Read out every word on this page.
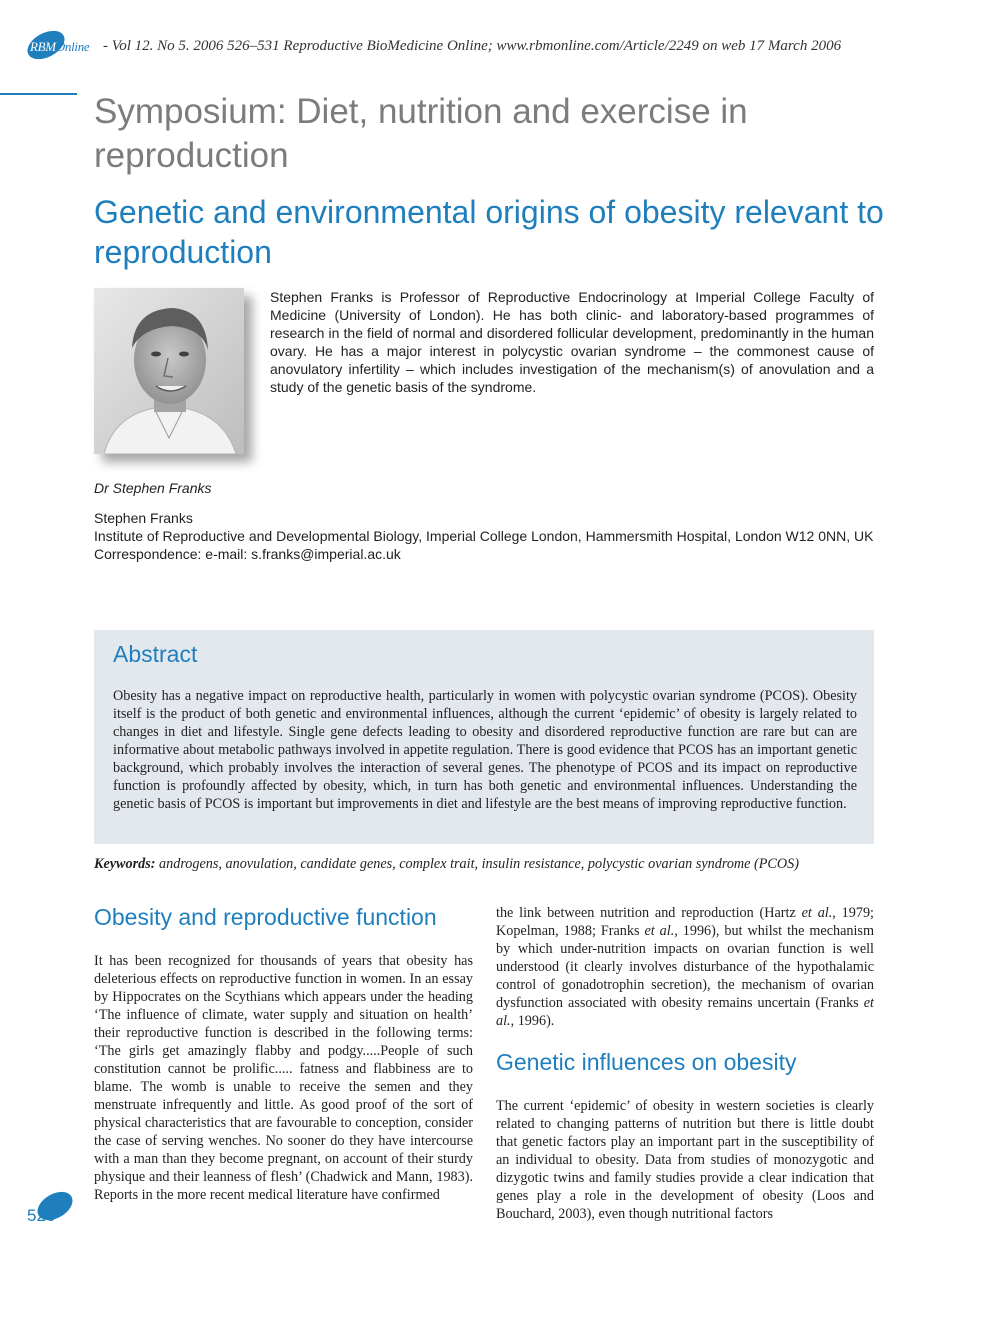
RBMOnline - Vol 12. No 5. 2006 526–531 Reproductive BioMedicine Online; www.rbmonline.com/Article/2249 on web 17 March 2006
Symposium: Diet, nutrition and exercise in reproduction
Genetic and environmental origins of obesity relevant to reproduction
Dr Stephen Franks

Stephen Franks is Professor of Reproductive Endocrinology at Imperial College Faculty of Medicine (University of London). He has both clinic- and laboratory-based programmes of research in the field of normal and disordered follicular development, predominantly in the human ovary. He has a major interest in polycystic ovarian syndrome – the commonest cause of anovulatory infertility – which includes investigation of the mechanism(s) of anovulation and a study of the genetic basis of the syndrome.

Stephen Franks
Institute of Reproductive and Developmental Biology, Imperial College London, Hammersmith Hospital, London W12 0NN, UK
Correspondence: e-mail: s.franks@imperial.ac.uk
Abstract

Obesity has a negative impact on reproductive health, particularly in women with polycystic ovarian syndrome (PCOS). Obesity itself is the product of both genetic and environmental influences, although the current ‘epidemic’ of obesity is largely related to changes in diet and lifestyle. Single gene defects leading to obesity and disordered reproductive function are rare but can are informative about metabolic pathways involved in appetite regulation. There is good evidence that PCOS has an important genetic background, which probably involves the interaction of several genes. The phenotype of PCOS and its impact on reproductive function is profoundly affected by obesity, which, in turn has both genetic and environmental influences. Understanding the genetic basis of PCOS is important but improvements in diet and lifestyle are the best means of improving reproductive function.

Keywords: androgens, anovulation, candidate genes, complex trait, insulin resistance, polycystic ovarian syndrome (PCOS)
Obesity and reproductive function

It has been recognized for thousands of years that obesity has deleterious effects on reproductive function in women. In an essay by Hippocrates on the Scythians which appears under the heading ‘The influence of climate, water supply and situation on health’ their reproductive function is described in the following terms: ‘The girls get amazingly flabby and podgy.....People of such constitution cannot be prolific..... fatness and flabbiness are to blame. The womb is unable to receive the semen and they menstruate infrequently and little. As good proof of the sort of physical characteristics that are favourable to conception, consider the case of serving wenches. No sooner do they have intercourse with a man than they become pregnant, on account of their sturdy physique and their leanness of flesh’ (Chadwick and Mann, 1983). Reports in the more recent medical literature have confirmed

the link between nutrition and reproduction (Hartz et al., 1979; Kopelman, 1988; Franks et al., 1996), but whilst the mechanism by which under-nutrition impacts on ovarian function is well understood (it clearly involves disturbance of the hypothalamic control of gonadotrophin secretion), the mechanism of ovarian dysfunction associated with obesity remains uncertain (Franks et al., 1996).

Genetic influences on obesity

The current ‘epidemic’ of obesity in western societies is clearly related to changing patterns of nutrition but there is little doubt that genetic factors play an important part in the susceptibility of an individual to obesity. Data from studies of monozygotic and dizygotic twins and family studies provide a clear indication that genes play a role in the development of obesity (Loos and Bouchard, 2003), even though nutritional factors

526
